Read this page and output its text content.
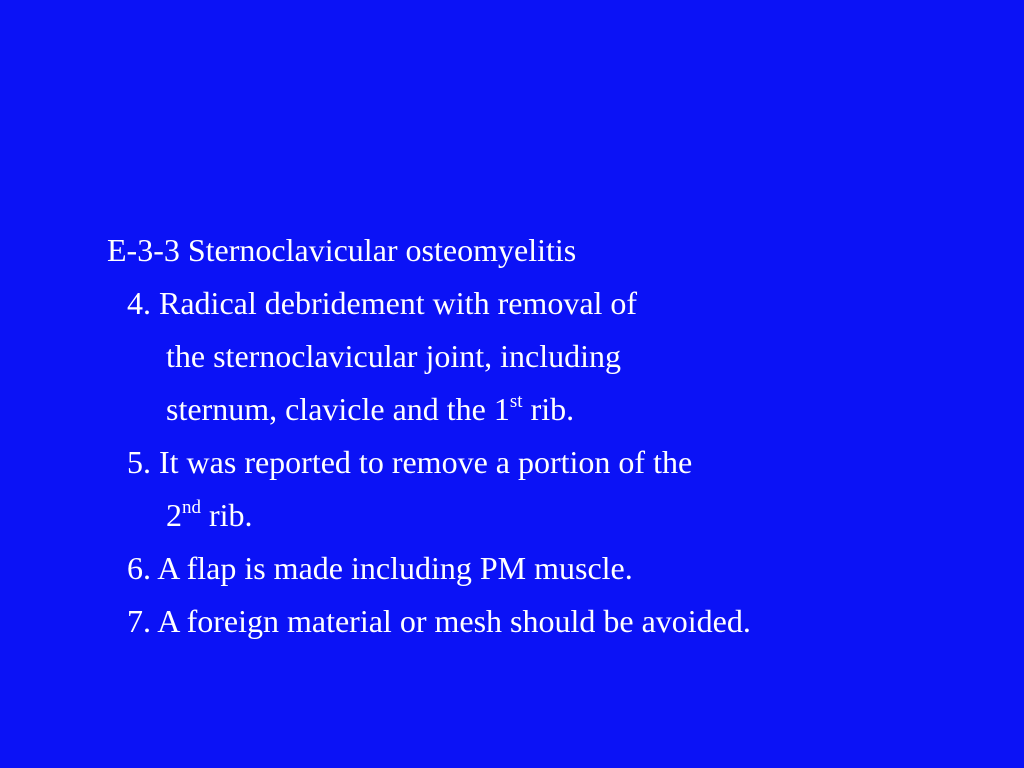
E-3-3 Sternoclavicular osteomyelitis
4. Radical debridement with removal of
the sternoclavicular joint, including
sternum, clavicle and the 1st rib.
5. It was reported to remove a portion of the
2nd rib.
6. A flap is made including PM muscle.
7. A foreign material or mesh should be avoided.
